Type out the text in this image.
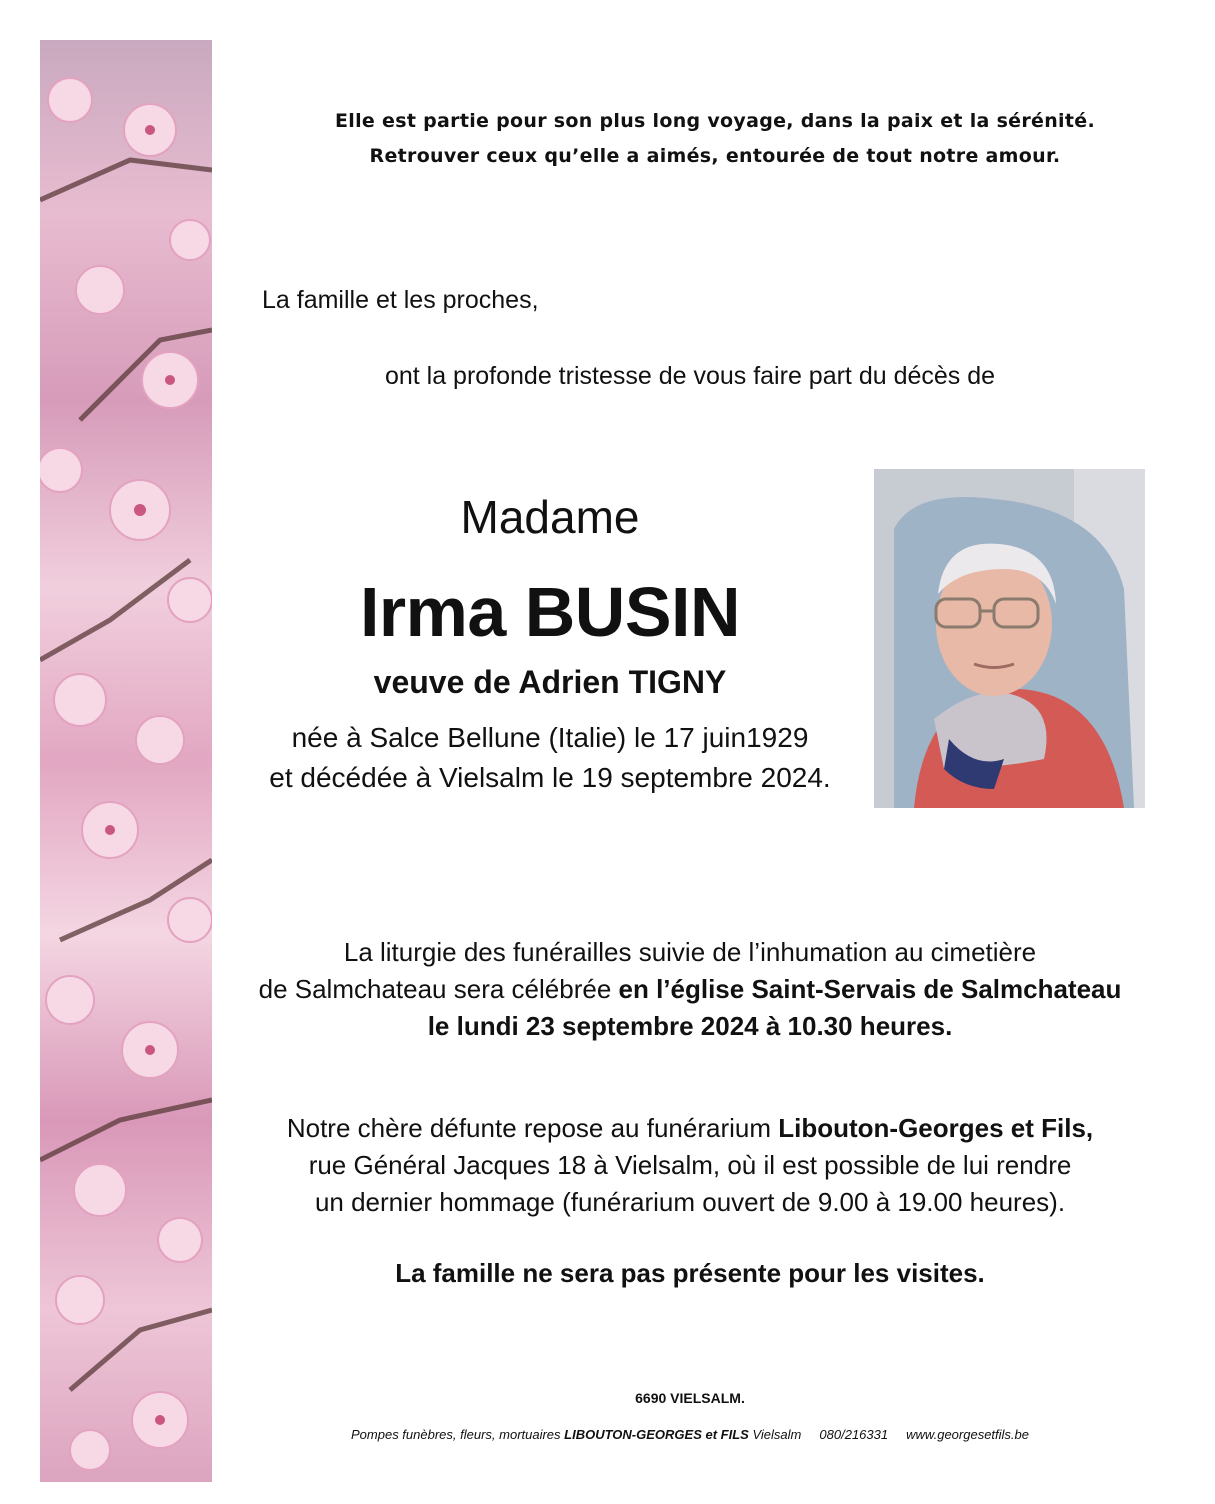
Elle est partie pour son plus long voyage, dans la paix et la sérénité.
Retrouver ceux qu’elle a aimés, entourée de tout notre amour.
La famille et les proches,
ont la profonde tristesse de vous faire part du décès de
Madame
Irma BUSIN
veuve de Adrien TIGNY
née à Salce Bellune (Italie) le 17 juin1929
et décédée à Vielsalm le 19 septembre 2024.
La liturgie des funérailles suivie de l’inhumation au cimetière
de Salmchateau sera célébrée en l’église Saint-Servais de Salmchateau
le lundi 23 septembre 2024 à 10.30 heures.
Notre chère défunte repose au funérarium Libouton-Georges et Fils,
rue Général Jacques 18 à Vielsalm, où il est possible de lui rendre
un dernier hommage (funérarium ouvert de 9.00 à 19.00 heures).
La famille ne sera pas présente pour les visites.
6690 VIELSALM.
Pompes funèbres, fleurs, mortuaires LIBOUTON-GEORGES et FILS Vielsalm 080/216331 www.georgesetfils.be
